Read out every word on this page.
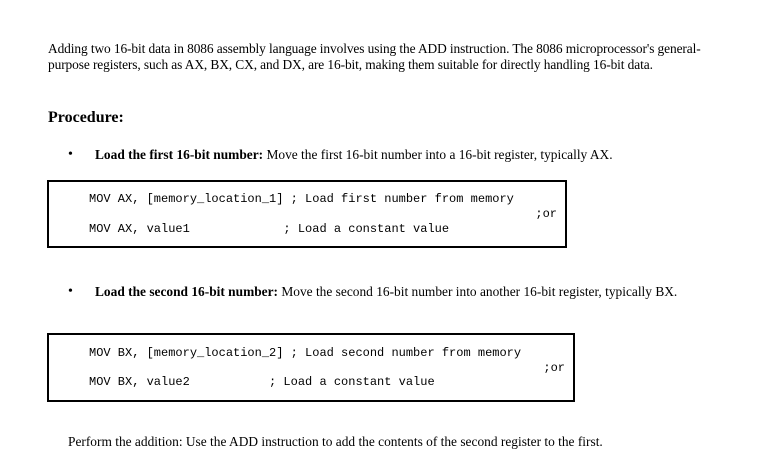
Adding two 16-bit data in 8086 assembly language involves using the ADD instruction. The 8086 microprocessor's general-purpose registers, such as AX, BX, CX, and DX, are 16-bit, making them suitable for directly handling 16-bit data.

Procedure:
•	Load the first 16-bit number: Move the first 16-bit number into a 16-bit register, typically AX.
MOV AX, [memory_location_1] ; Load first number from memory
;or
MOV AX, value1             ; Load a constant value
•	Load the second 16-bit number: Move the second 16-bit number into another 16-bit register, typically BX.
MOV BX, [memory_location_2] ; Load second number from memory
;or
MOV BX, value2           ; Load a constant value
Perform the addition: Use the ADD instruction to add the contents of the second register to the first.
